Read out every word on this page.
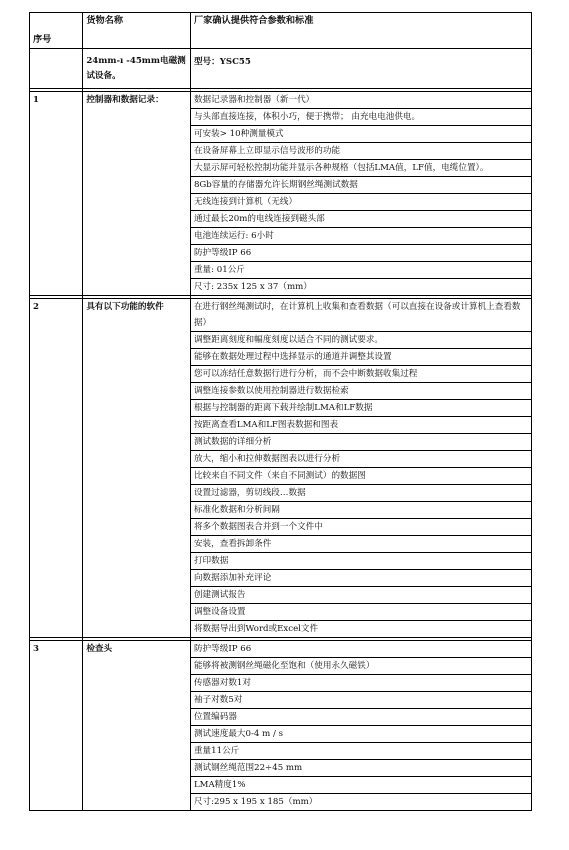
序号	货物名称	厂家确认提供符合参数和标准
	24mm-ı -45mm电磁测试设备。	型号：YSC55

1	控制器和数据记录：	数据记录器和控制器（新一代）
		与头部直接连接，体积小巧，便于携带； 由充电电池供电。
		可安装> 10种测量模式
		在设备屏幕上立即显示信号波形的功能
		大显示屏可轻松控制功能并显示各种规格（包括LMA值，LF值，电缆位置）。
		8Gb容量的存储器允许长期钢丝绳测试数据
		无线连接到计算机（无线）
		通过最长20m的电线连接到磁头部
		电池连续运行: 6小时
		防护等级IP 66
		重量: 01公斤
		尺寸: 235x 125 x 37（mm）

2	具有以下功能的软件	在进行钢丝绳测试时，在计算机上收集和查看数据（可以直接在设备或计算机上查看数据）
		调整距离刻度和幅度刻度以适合不同的测试要求。
		能够在数据处理过程中选择显示的通道并调整其设置
		您可以冻结任意数据行进行分析，而不会中断数据收集过程
		调整连接参数以使用控制器进行数据检索
		根据与控制器的距离下载并绘制LMA和LF数据
		按距离查看LMA和LF图表数据和图表
		测试数据的详细分析
		放大，缩小和拉伸数据图表以进行分析
		比较来自不同文件（来自不同测试）的数据图
		设置过滤器，剪切线段…数据
		标准化数据和分析间隔
		将多个数据图表合并到一个文件中
		安装，查看拆卸条件
		打印数据
		向数据添加补充评论
		创建测试报告
		调整设备设置
		将数据导出到Word或Excel文件

3	检查头	防护等级IP 66
		能够将被测钢丝绳磁化至饱和（使用永久磁铁）
		传感器对数1对
		袖子对数5对
		位置编码器
		测试速度最大0-4 m / s
		重量11公斤
		测试钢丝绳范围22÷45 mm
		LMA精度1%
		尺寸:295 x 195 x 185（mm）
